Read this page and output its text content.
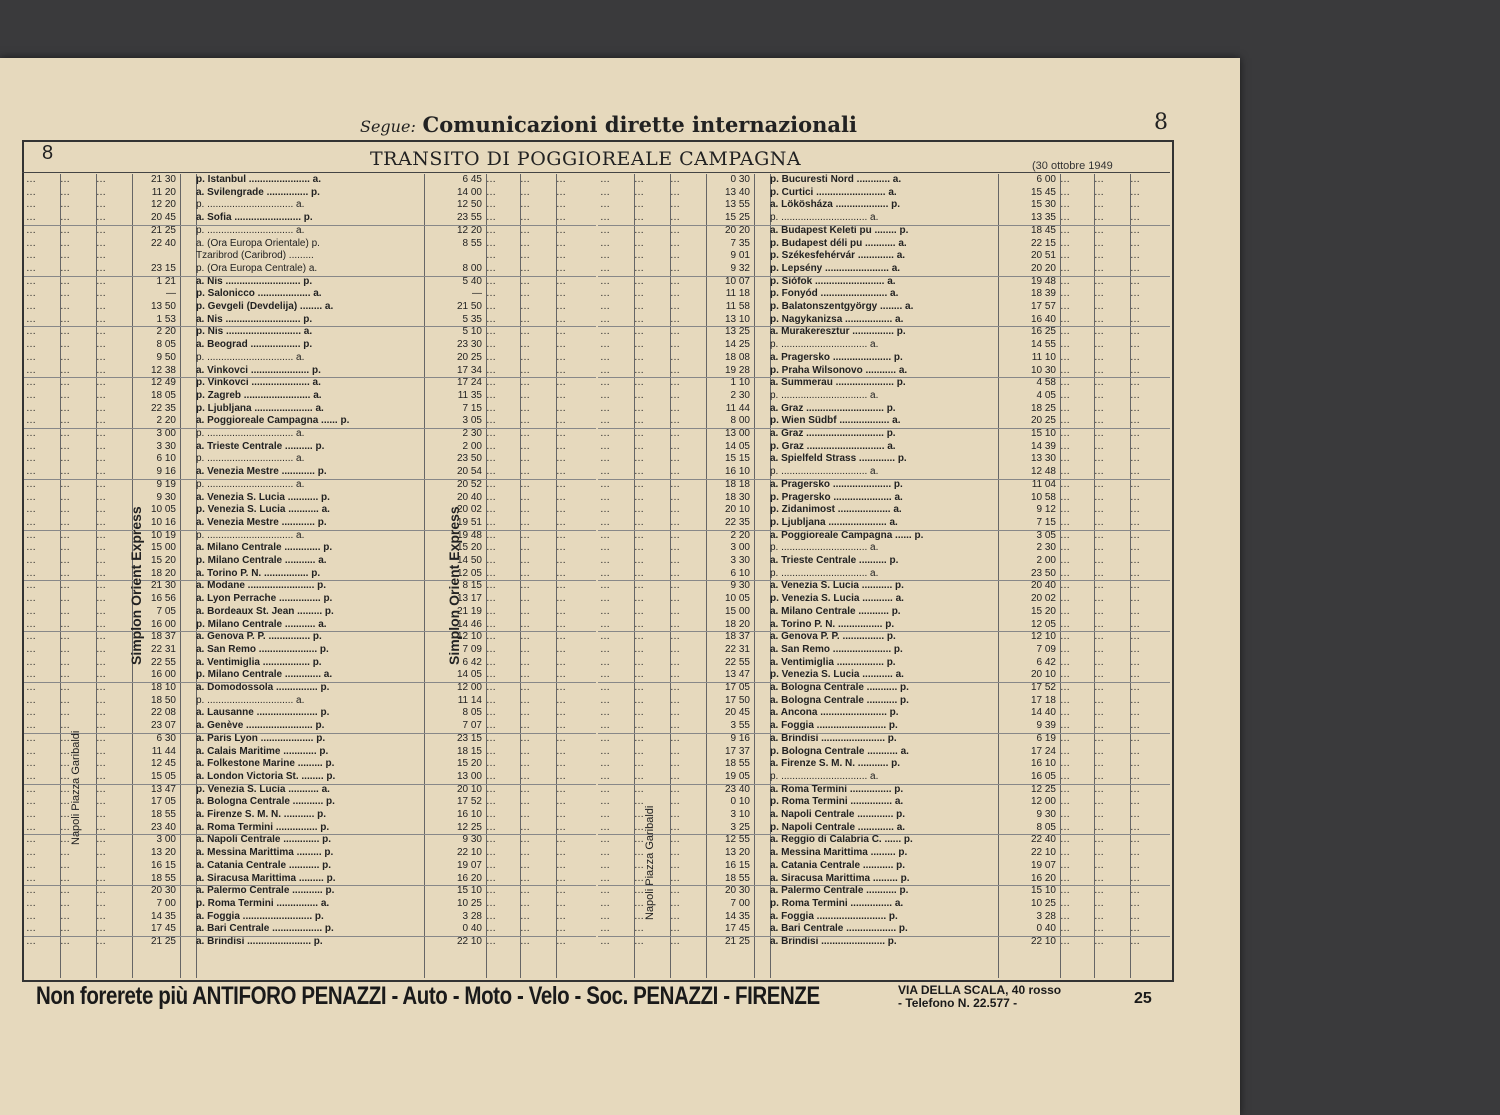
Segue: Comunicazioni dirette internazionali	8
8	TRANSITO DI POGGIOREALE CAMPAGNA	(30 ottobre 1949
…	…	…	21 30 p. Istanbul ...................... a.	6 45 …	…	…
…	…	…	11 20 a. Svilengrade ............... p.	14 00 …	…	…
…	…	…	12 20 p. ............................... a.	12 50 …	…	…
…	…	…	20 45 a. Sofia ........................ p.	23 55 …	…	…
…	…	…	21 25 p. ............................... a.	12 20 …	…	…
…	…	…	22 40 a. (Ora Europa Orientale) p.	8 55 …	…	…
…	…	…	Tzaribrod (Caribrod) .........	…	…	…
…	…	…	23 15 p. (Ora Europa Centrale) a.	8 00 …	…	…
…	…	…	1 21 a. Nis ........................... p.	5 40 …	…	…
…	…	…	— p. Salonicco ................... a.	— …	…	…
…	…	…	13 50 p. Gevgeli (Devdelija) ........ a.	21 50 …	…	…
…	…	…	1 53 a. Nis ........................... p.	5 35 …	…	…
…	…	…	2 20 p. Nis ........................... a.	5 10 …	…	…
…	…	…	8 05 a. Beograd .................. p.	23 30 …	…	…
…	…	…	9 50 p. ............................... a.	20 25 …	…	…
…	…	…	12 38 a. Vinkovci ..................... p.	17 34 …	…	…
…	…	…	12 49 p. Vinkovci ..................... a.	17 24 …	…	…
…	…	…	18 05 p. Zagreb ........................ a.	11 35 …	…	…
…	…	…	22 35 p. Ljubljana ..................... a.	7 15 …	…	…
…	…	…	2 20 a. Poggioreale Campagna ...... p.	3 05 …	…	…
…	…	…	3 00 p. ............................... a.	2 30 …	…	…
…	…	…	3 30 a. Trieste Centrale .......... p.	2 00 …	…	…
…	…	…	6 10 p. ............................... a.	23 50 …	…	…
…	…	…	9 16 a. Venezia Mestre ............ p.	20 54 …	…	…
…	…	…	9 19 p. ............................... a.	20 52 …	…	…
…	…	…	9 30 a. Venezia S. Lucia ........... p.	20 40 …	…	…
…	…	…	10 05 p. Venezia S. Lucia ........... a.	20 02 …	…	…
…	…	…	10 16 a. Venezia Mestre ............ p.	19 51 …	…	…
…	…	…	10 19 p. ............................... a.	19 48 …	…	…
…	…	…	15 00 a. Milano Centrale ............. p.	15 20 …	…	…
…	…	…	15 20 p. Milano Centrale ........... a.	14 50 …	…	…
…	…	…	18 20 a. Torino P. N. ................ p.	12 05 …	…	…
…	…	…	21 30 a. Modane ........................ p.	8 15 …	…	…
…	…	…	16 56 a. Lyon Perrache ............... p.	13 17 …	…	…
…	…	…	7 05 a. Bordeaux St. Jean ......... p.	21 19 …	…	…
…	…	…	16 00 p. Milano Centrale ........... a.	14 46 …	…	…
…	…	…	18 37 a. Genova P. P. ............... p.	12 10 …	…	…
…	…	…	22 31 a. San Remo ..................... p.	7 09 …	…	…
…	…	…	22 55 a. Ventimiglia ................. p.	6 42 …	…	…
…	…	…	16 00 p. Milano Centrale ............. a.	14 05 …	…	…
…	…	…	18 10 a. Domodossola ............... p.	12 00 …	…	…
…	…	…	18 50 p. ............................... a.	11 14 …	…	…
…	…	…	22 08 a. Lausanne ...................... p.	8 05 …	…	…
…	…	…	23 07 a. Genève ........................ p.	7 07 …	…	…
…	…	…	6 30 a. Paris Lyon ................... p.	23 15 …	…	…
…	…	…	11 44 a. Calais Maritime ............ p.	18 15 …	…	…
…	…	…	12 45 a. Folkestone Marine ......... p.	15 20 …	…	…
…	…	…	15 05 a. London Victoria St. ........ p.	13 00 …	…	…
…	…	…	13 47 p. Venezia S. Lucia ........... a.	20 10 …	…	…
…	…	…	17 05 a. Bologna Centrale ........... p.	17 52 …	…	…
…	…	…	18 55 a. Firenze S. M. N. ........... p.	16 10 …	…	…
…	…	…	23 40 a. Roma Termini ............... p.	12 25 …	…	…
…	…	…	3 00 a. Napoli Centrale ............. p.	9 30 …	…	…
…	…	…	13 20 a. Messina Marittima ......... p.	22 10 …	…	…
…	…	…	16 15 a. Catania Centrale ........... p.	19 07 …	…	…
…	…	…	18 55 a. Siracusa Marittima ......... p.	16 20 …	…	…
…	…	…	20 30 a. Palermo Centrale ........... p.	15 10 …	…	…
…	…	…	7 00 p. Roma Termini ............... a.	10 25 …	…	…
…	…	…	14 35 a. Foggia ......................... p.	3 28 …	…	…
…	…	…	17 45 a. Bari Centrale .................. p.	0 40 …	…	…
…	…	…	21 25 a. Brindisi ....................... p.	22 10 …	…	…
…	…	…	0 30 p. Bucuresti Nord ............ a.	6 00 …	…	…
…	…	…	13 40 p. Curtici ......................... a.	15 45 …	…	…
…	…	…	13 55 a. Lökösháza ................... p.	15 30 …	…	…
…	…	…	15 25 p. ............................... a.	13 35 …	…	…
…	…	…	20 20 a. Budapest Keleti pu ........ p.	18 45 …	…	…
…	…	…	7 35 p. Budapest déli pu ........... a.	22 15 …	…	…
…	…	…	9 01 p. Székesfehérvár ............. a.	20 51 …	…	…
…	…	…	9 32 p. Lepsény ....................... a.	20 20 …	…	…
…	…	…	10 07 p. Siófok ......................... a.	19 48 …	…	…
…	…	…	11 18 p. Fonyód ........................ a.	18 39 …	…	…
…	…	…	11 58 p. Balatonszentgyörgy ........ a.	17 57 …	…	…
…	…	…	13 10 p. Nagykanizsa ................. a.	16 40 …	…	…
…	…	…	13 25 a. Murakeresztur ............... p.	16 25 …	…	…
…	…	…	14 25 p. ............................... a.	14 55 …	…	…
…	…	…	18 08 a. Pragersko ..................... p.	11 10 …	…	…
…	…	…	19 28 p. Praha Wilsonovo ........... a.	10 30 …	…	…
…	…	…	1 10 a. Summerau ..................... p.	4 58 …	…	…
…	…	…	2 30 p. ............................... a.	4 05 …	…	…
…	…	…	11 44 a. Graz ............................ p.	18 25 …	…	…
…	…	…	8 00 p. Wien Südbf .................. a.	20 25 …	…	…
…	…	…	13 00 a. Graz ............................ p.	15 10 …	…	…
…	…	…	14 05 p. Graz ............................ a.	14 39 …	…	…
…	…	…	15 15 a. Spielfeld Strass ............. p.	13 30 …	…	…
…	…	…	16 10 p. ............................... a.	12 48 …	…	…
…	…	…	18 18 a. Pragersko ..................... p.	11 04 …	…	…
…	…	…	18 30 p. Pragersko ..................... a.	10 58 …	…	…
…	…	…	20 10 p. Zidanimost ................... a.	9 12 …	…	…
…	…	…	22 35 p. Ljubljana ..................... a.	7 15 …	…	…
…	…	…	2 20 a. Poggioreale Campagna ...... p.	3 05 …	…	…
…	…	…	3 00 p. ............................... a.	2 30 …	…	…
…	…	…	3 30 a. Trieste Centrale .......... p.	2 00 …	…	…
…	…	…	6 10 p. ............................... a.	23 50 …	…	…
…	…	…	9 30 a. Venezia S. Lucia ........... p.	20 40 …	…	…
…	…	…	10 05 p. Venezia S. Lucia ........... a.	20 02 …	…	…
…	…	…	15 00 a. Milano Centrale ........... p.	15 20 …	…	…
…	…	…	18 20 a. Torino P. N. ................ p.	12 05 …	…	…
…	…	…	18 37 a. Genova P. P. ............... p.	12 10 …	…	…
…	…	…	22 31 a. San Remo ..................... p.	7 09 …	…	…
…	…	…	22 55 a. Ventimiglia ................. p.	6 42 …	…	…
…	…	…	13 47 p. Venezia S. Lucia ........... a.	20 10 …	…	…
…	…	…	17 05 a. Bologna Centrale ........... p.	17 52 …	…	…
…	…	…	17 50 a. Bologna Centrale ........... p.	17 18 …	…	…
…	…	…	20 45 a. Ancona ........................ p.	14 40 …	…	…
…	…	…	3 55 a. Foggia ......................... p.	9 39 …	…	…
…	…	…	9 16 a. Brindisi ....................... p.	6 19 …	…	…
…	…	…	17 37 p. Bologna Centrale ........... a.	17 24 …	…	…
…	…	…	18 55 a. Firenze S. M. N. ........... p.	16 10 …	…	…
…	…	…	19 05 p. ............................... a.	16 05 …	…	…
…	…	…	23 40 a. Roma Termini ............... p.	12 25 …	…	…
…	…	…	0 10 p. Roma Termini ............... a.	12 00 …	…	…
…	…	…	3 10 a. Napoli Centrale ............. p.	9 30 …	…	…
…	…	…	3 25 p. Napoli Centrale ............. a.	8 05 …	…	…
…	…	…	12 55 a. Reggio di Calabria C. ...... p.	22 40 …	…	…
…	…	…	13 20 a. Messina Marittima ......... p.	22 10 …	…	…
…	…	…	16 15 a. Catania Centrale ........... p.	19 07 …	…	…
…	…	…	18 55 a. Siracusa Marittima ......... p.	16 20 …	…	…
…	…	…	20 30 a. Palermo Centrale ........... p.	15 10 …	…	…
…	…	…	7 00 p. Roma Termini ............... a.	10 25 …	…	…
…	…	…	14 35 a. Foggia ......................... p.	3 28 …	…	…
…	…	…	17 45 a. Bari Centrale .................. p.	0 40 …	…	…
…	…	…	21 25 a. Brindisi ....................... p.	22 10 …	…	…
Simplon Orient Express	Simplon Orient Express
Napoli Piazza Garibaldi
Napoli Piazza Garibaldi
Non forerete più ANTIFORO PENAZZI - Auto - Moto - Velo - Soc. PENAZZI - FIRENZE	VIA DELLA SCALA, 40 rosso
- Telefono N. 22.577 -	25
